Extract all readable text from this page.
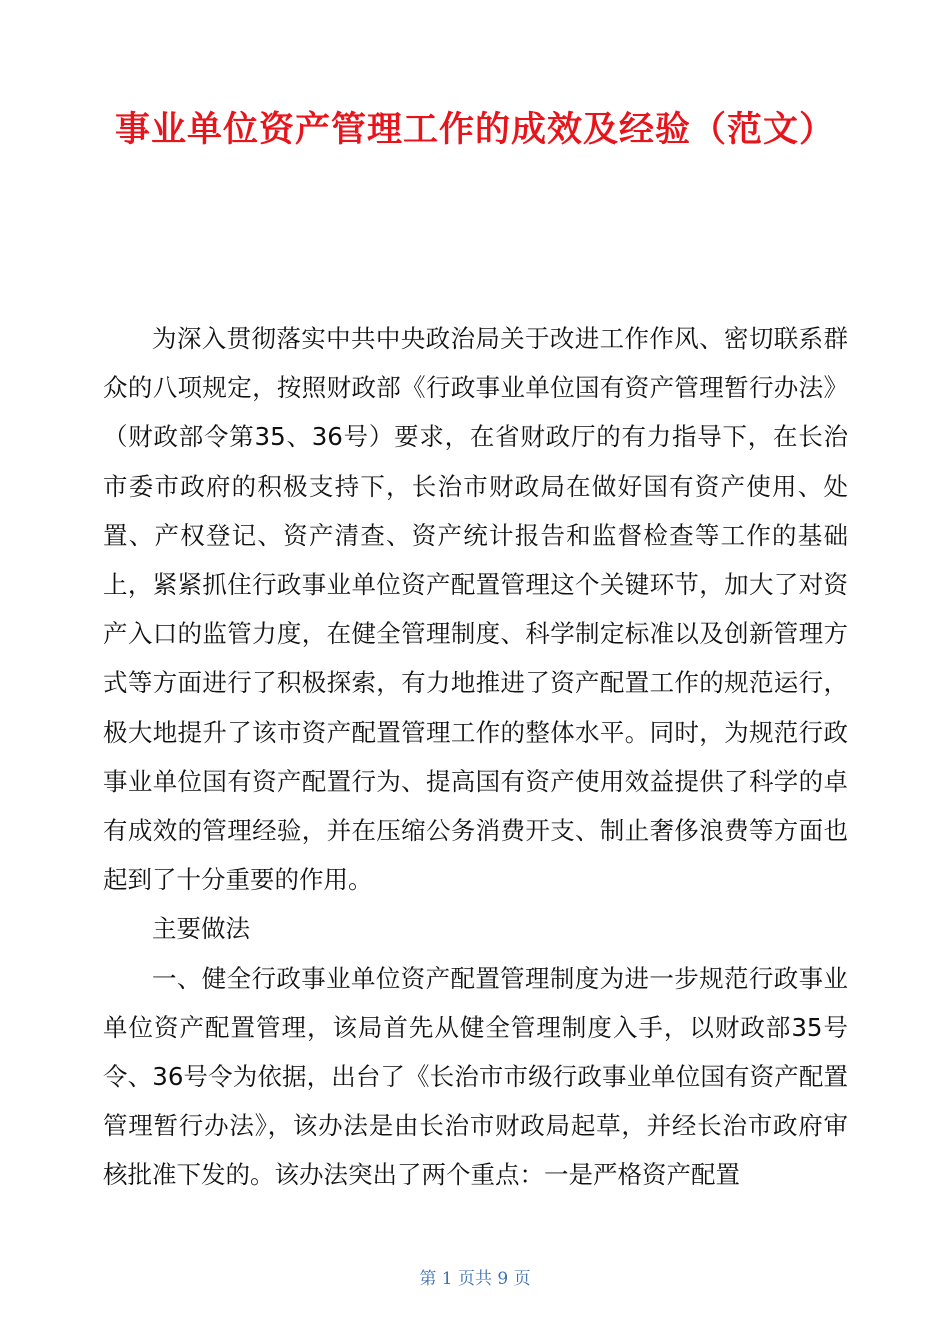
事业单位资产管理工作的成效及经验（范文）

为深入贯彻落实中共中央政治局关于改进工作作风、密切联系群众的八项规定，按照财政部《行政事业单位国有资产管理暂行办法》（财政部令第35、36号）要求，在省财政厅的有力指导下，在长治市委市政府的积极支持下，长治市财政局在做好国有资产使用、处置、产权登记、资产清查、资产统计报告和监督检查等工作的基础上，紧紧抓住行政事业单位资产配置管理这个关键环节，加大了对资产入口的监管力度，在健全管理制度、科学制定标准以及创新管理方式等方面进行了积极探索，有力地推进了资产配置工作的规范运行，极大地提升了该市资产配置管理工作的整体水平。同时，为规范行政事业单位国有资产配置行为、提高国有资产使用效益提供了科学的卓有成效的管理经验，并在压缩公务消费开支、制止奢侈浪费等方面也起到了十分重要的作用。

主要做法

一、健全行政事业单位资产配置管理制度为进一步规范行政事业单位资产配置管理，该局首先从健全管理制度入手，以财政部35号令、36号令为依据，出台了《长治市市级行政事业单位国有资产配置管理暂行办法》，该办法是由长治市财政局起草，并经长治市政府审核批准下发的。该办法突出了两个重点：一是严格资产配置

第 1 页共 9 页
